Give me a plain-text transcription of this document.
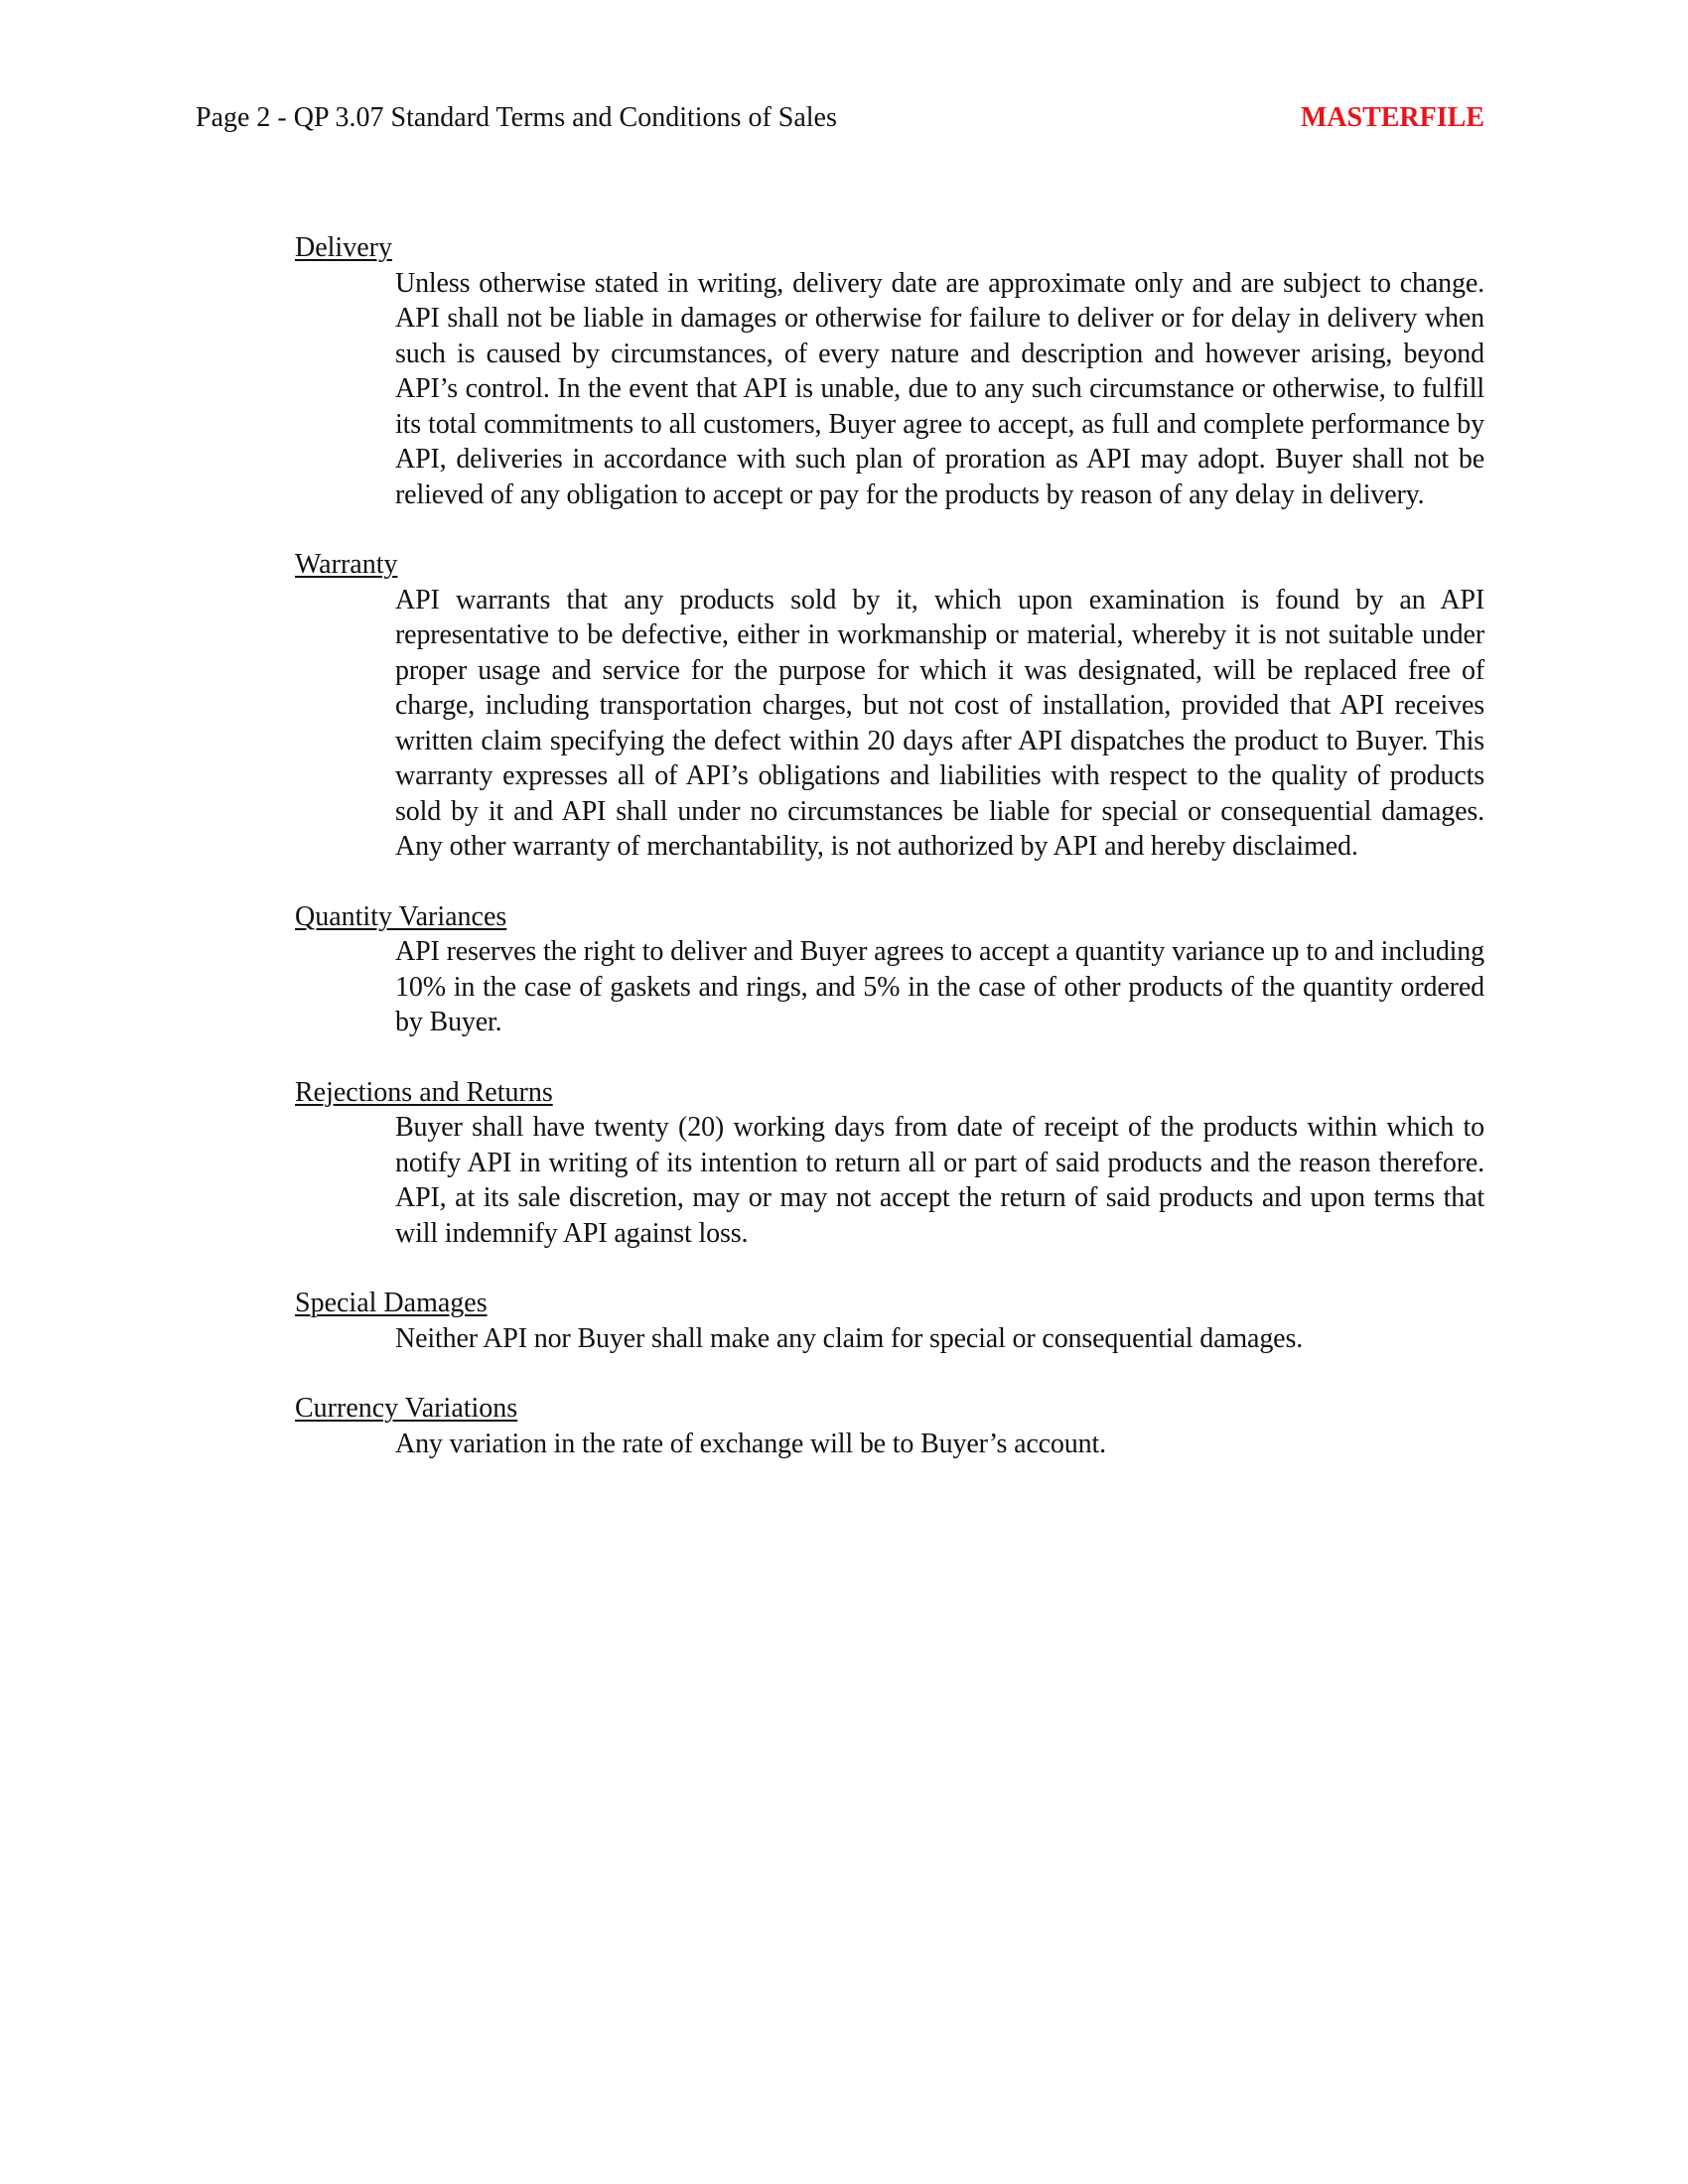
Page 2 - QP 3.07 Standard Terms and Conditions of Sales	MASTERFILE
Delivery
Unless otherwise stated in writing, delivery date are approximate only and are subject to change. API shall not be liable in damages or otherwise for failure to deliver or for delay in delivery when such is caused by circumstances, of every nature and description and however arising, beyond API’s control. In the event that API is unable, due to any such circumstance or otherwise, to fulfill its total commitments to all customers, Buyer agree to accept, as full and complete performance by API, deliveries in accordance with such plan of proration as API may adopt. Buyer shall not be relieved of any obligation to accept or pay for the products by reason of any delay in delivery.
Warranty
API warrants that any products sold by it, which upon examination is found by an API representative to be defective, either in workmanship or material, whereby it is not suitable under proper usage and service for the purpose for which it was designated, will be replaced free of charge, including transportation charges, but not cost of installation, provided that API receives written claim specifying the defect within 20 days after API dispatches the product to Buyer. This warranty expresses all of API’s obligations and liabilities with respect to the quality of products sold by it and API shall under no circumstances be liable for special or consequential damages. Any other warranty of merchantability, is not authorized by API and hereby disclaimed.
Quantity Variances
API reserves the right to deliver and Buyer agrees to accept a quantity variance up to and including 10% in the case of gaskets and rings, and 5% in the case of other products of the quantity ordered by Buyer.
Rejections and Returns
Buyer shall have twenty (20) working days from date of receipt of the products within which to notify API in writing of its intention to return all or part of said products and the reason therefore. API, at its sale discretion, may or may not accept the return of said products and upon terms that will indemnify API against loss.
Special Damages
Neither API nor Buyer shall make any claim for special or consequential damages.
Currency Variations
Any variation in the rate of exchange will be to Buyer’s account.
